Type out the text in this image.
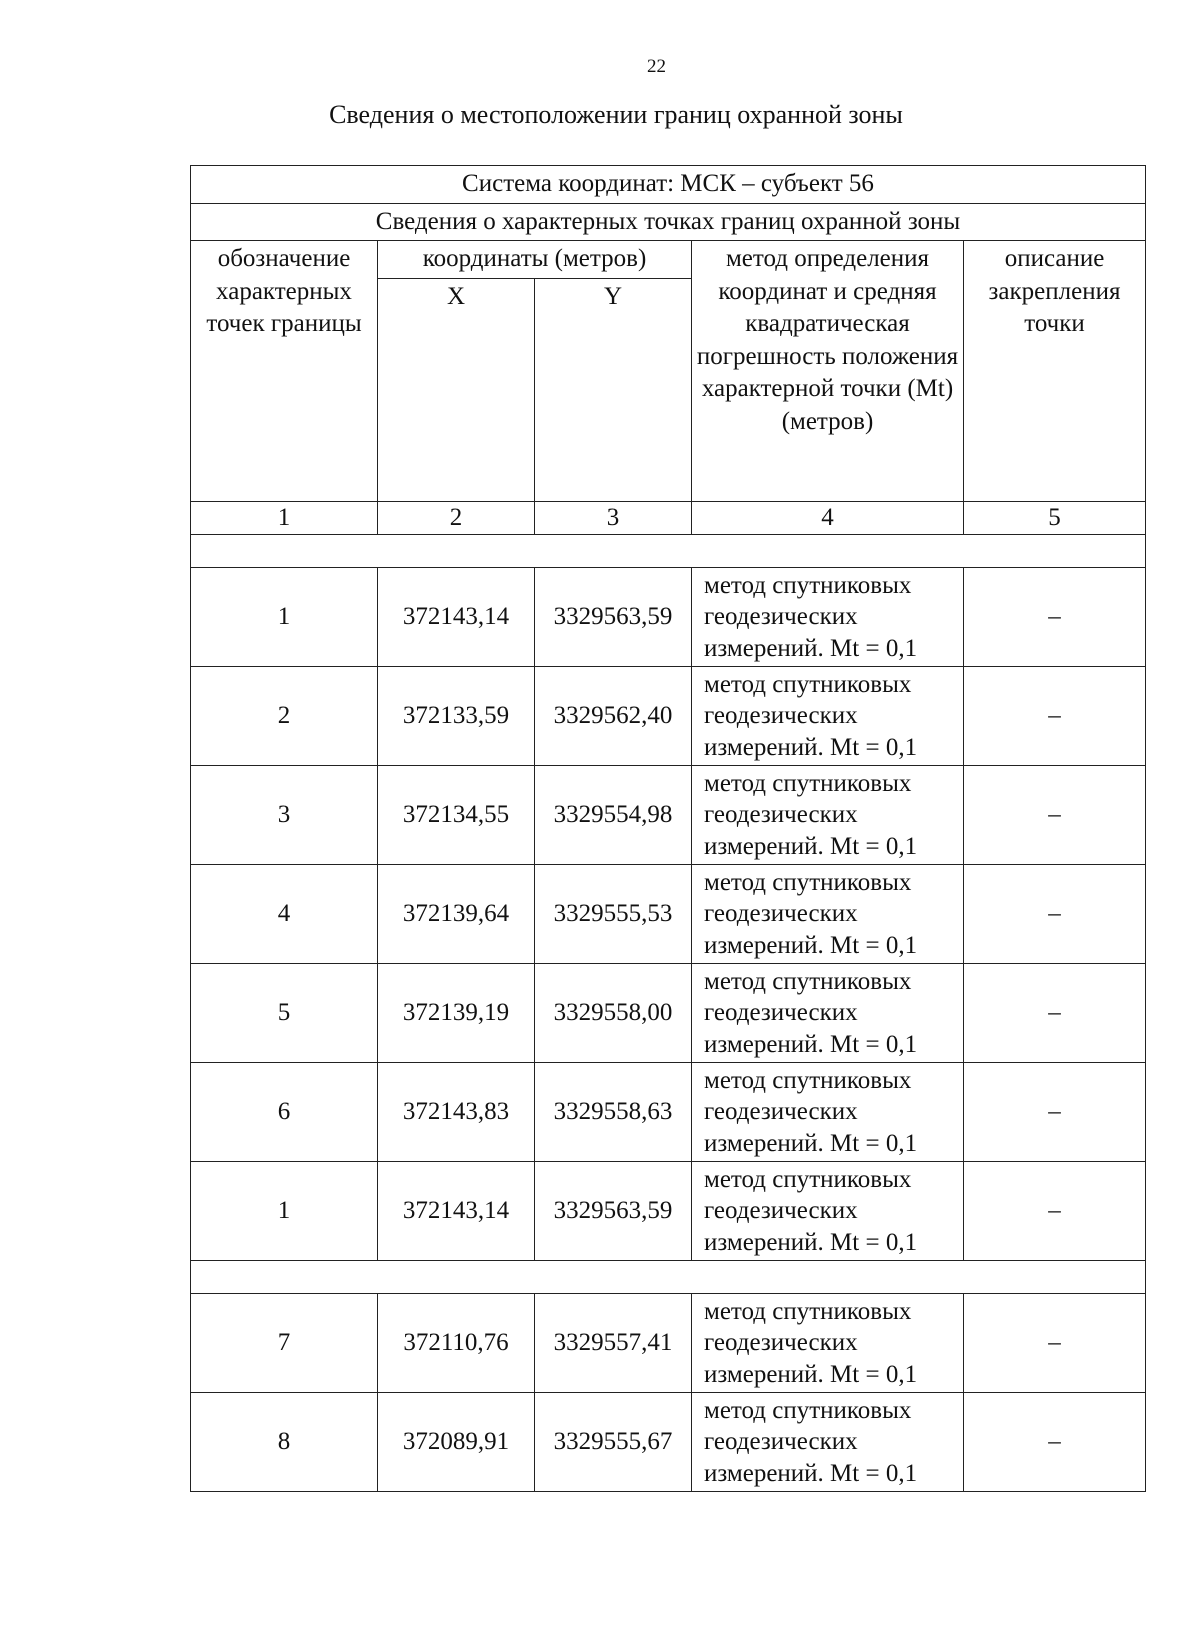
22
Сведения о местоположении границ охранной зоны
Система координат: МСК – субъект 56				
Сведения о характерных точках границ охранной зоны				
обозначение характерных точек границы	координаты (метров)		метод определения координат и средняя квадратическая погрешность положения характерной точки (Mt) (метров)	описание закрепления точки
	X	Y		
1	2	3	4	5

1	372143,14	3329563,59	метод спутниковых геодезических измерений. Mt = 0,1	–
2	372133,59	3329562,40	метод спутниковых геодезических измерений. Mt = 0,1	–
3	372134,55	3329554,98	метод спутниковых геодезических измерений. Mt = 0,1	–
4	372139,64	3329555,53	метод спутниковых геодезических измерений. Mt = 0,1	–
5	372139,19	3329558,00	метод спутниковых геодезических измерений. Mt = 0,1	–
6	372143,83	3329558,63	метод спутниковых геодезических измерений. Mt = 0,1	–
1	372143,14	3329563,59	метод спутниковых геодезических измерений. Mt = 0,1	–

7	372110,76	3329557,41	метод спутниковых геодезических измерений. Mt = 0,1	–
8	372089,91	3329555,67	метод спутниковых геодезических измерений. Mt = 0,1	–
